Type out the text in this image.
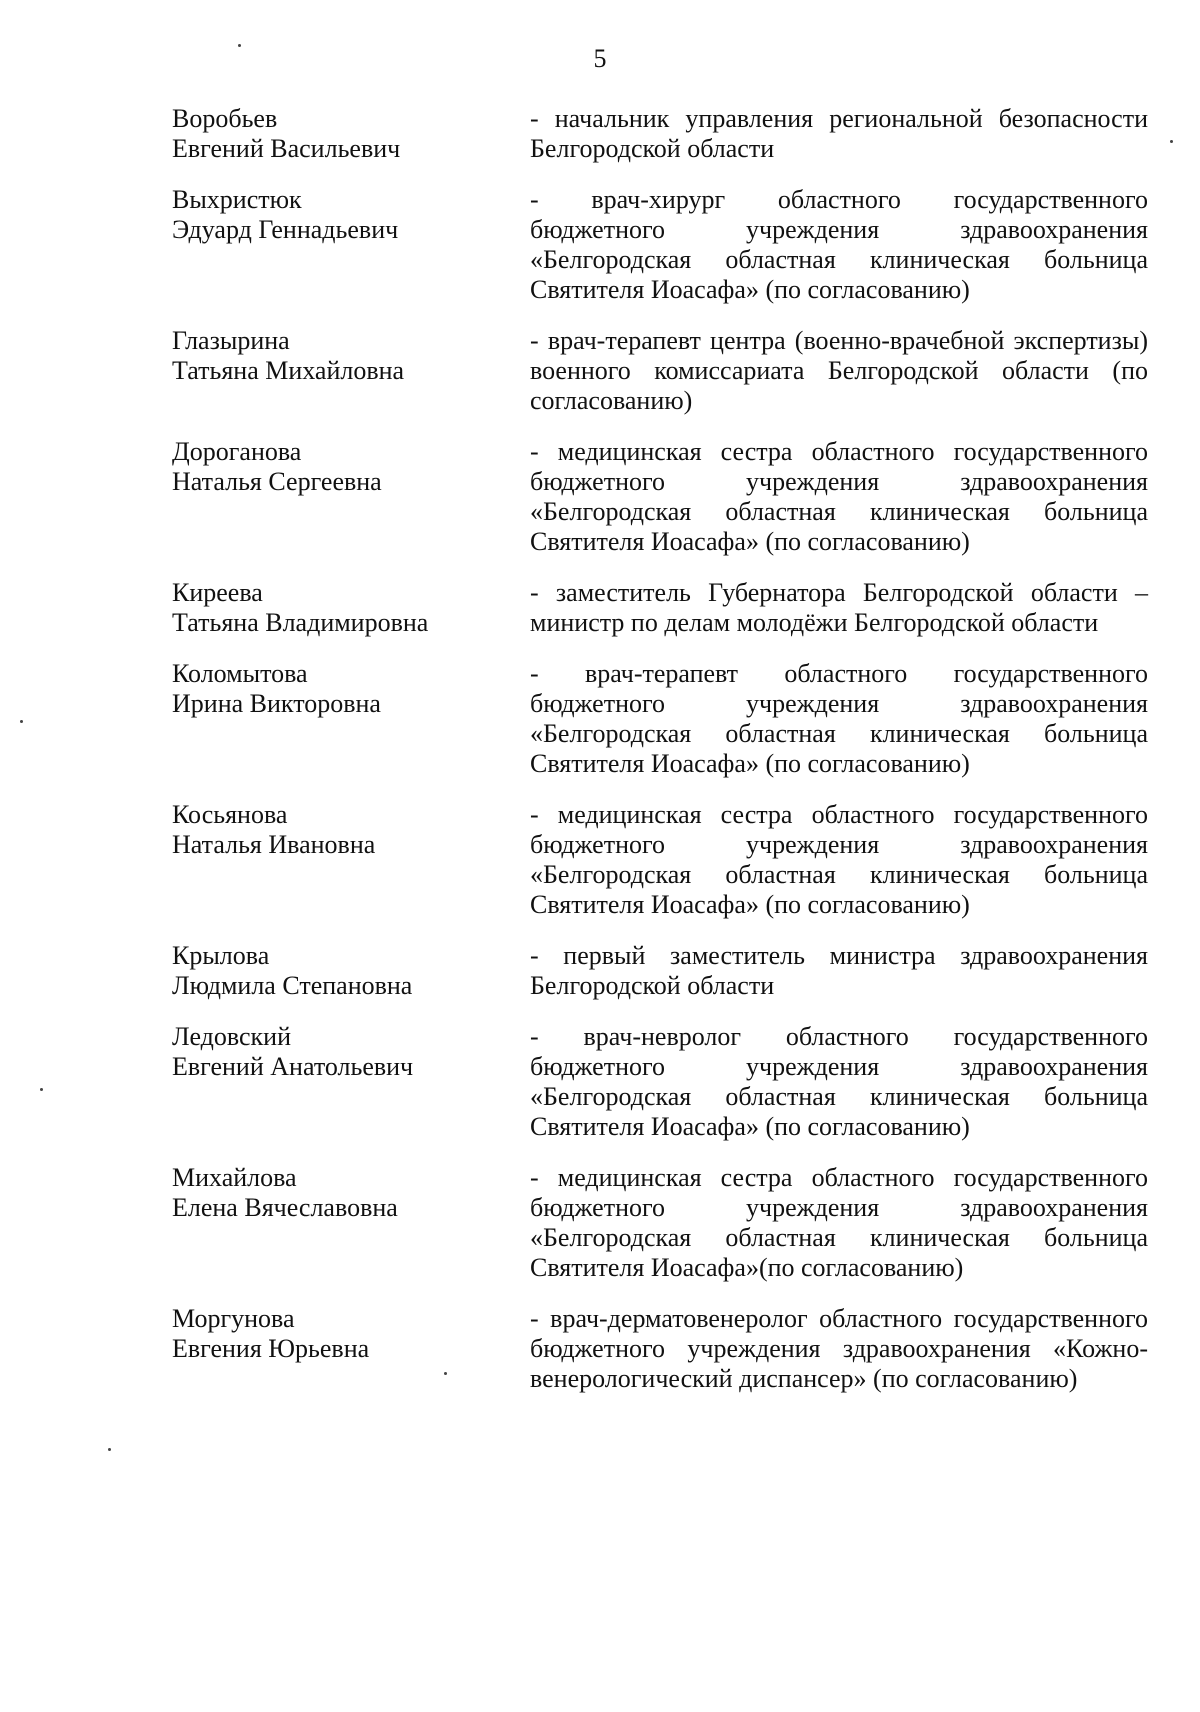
5
Воробьев
Евгений Васильевич
- начальник управления региональной безопасности Белгородской области
Выхристюк
Эдуард Геннадьевич
- врач-хирург областного государственного бюджетного учреждения здравоохранения «Белгородская областная клиническая больница Святителя Иоасафа» (по согласованию)
Глазырина
Татьяна Михайловна
- врач-терапевт центра (военно-врачебной экспертизы) военного комиссариата Белгородской области (по согласованию)
Дороганова
Наталья Сергеевна
- медицинская сестра областного государственного бюджетного учреждения здравоохранения «Белгородская областная клиническая больница Святителя Иоасафа» (по согласованию)
Киреева
Татьяна Владимировна
- заместитель Губернатора Белгородской области – министр по делам молодёжи Белгородской области
Коломытова
Ирина Викторовна
- врач-терапевт областного государственного бюджетного учреждения здравоохранения «Белгородская областная клиническая больница Святителя Иоасафа» (по согласованию)
Косьянова
Наталья Ивановна
- медицинская сестра областного государственного бюджетного учреждения здравоохранения «Белгородская областная клиническая больница Святителя Иоасафа» (по согласованию)
Крылова
Людмила Степановна
- первый заместитель министра здравоохранения Белгородской области
Ледовский
Евгений Анатольевич
- врач-невролог областного государственного бюджетного учреждения здравоохранения «Белгородская областная клиническая больница Святителя Иоасафа» (по согласованию)
Михайлова
Елена Вячеславовна
- медицинская сестра областного государственного бюджетного учреждения здравоохранения «Белгородская областная клиническая больница Святителя Иоасафа»(по согласованию)
Моргунова
Евгения Юрьевна
- врач-дерматовенеролог областного государственного бюджетного учреждения здравоохранения «Кожно-венерологический диспансер» (по согласованию)
